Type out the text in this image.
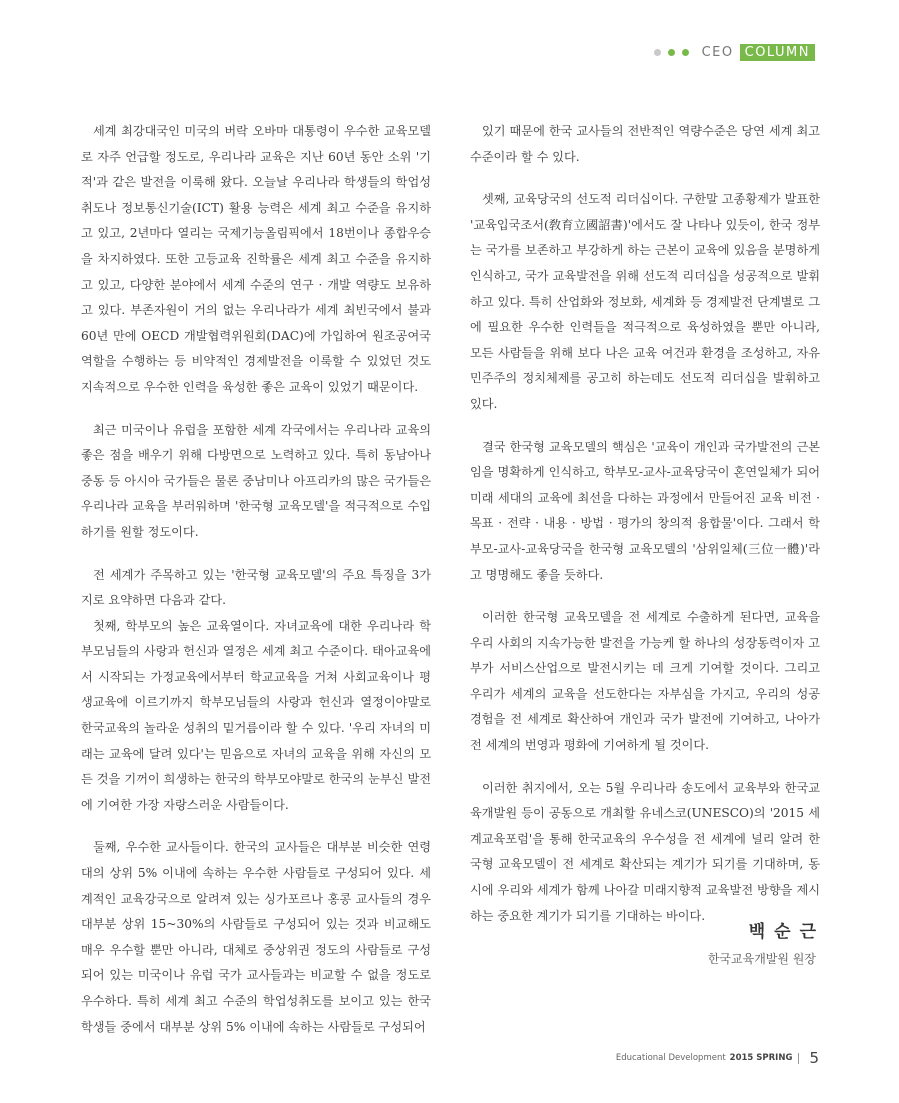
CEO COLUMN

세계 최강대국인 미국의 버락 오바마 대통령이 우수한 교육모델로 자주 언급할 정도로, 우리나라 교육은 지난 60년 동안 소위 '기적'과 같은 발전을 이룩해 왔다. 오늘날 우리나라 학생들의 학업성취도나 정보통신기술(ICT) 활용 능력은 세계 최고 수준을 유지하고 있고, 2년마다 열리는 국제기능올림픽에서 18번이나 종합우승을 차지하였다. 또한 고등교육 진학률은 세계 최고 수준을 유지하고 있고, 다양한 분야에서 세계 수준의 연구 · 개발 역량도 보유하고 있다. 부존자원이 거의 없는 우리나라가 세계 최빈국에서 불과 60년 만에 OECD 개발협력위원회(DAC)에 가입하여 원조공여국 역할을 수행하는 등 비약적인 경제발전을 이룩할 수 있었던 것도 지속적으로 우수한 인력을 육성한 좋은 교육이 있었기 때문이다.

최근 미국이나 유럽을 포함한 세계 각국에서는 우리나라 교육의 좋은 점을 배우기 위해 다방면으로 노력하고 있다. 특히 동남아나 중동 등 아시아 국가들은 물론 중남미나 아프리카의 많은 국가들은 우리나라 교육을 부러워하며 '한국형 교육모델'을 적극적으로 수입하기를 원할 정도이다.

전 세계가 주목하고 있는 '한국형 교육모델'의 주요 특징을 3가지로 요약하면 다음과 같다.

첫째, 학부모의 높은 교육열이다. 자녀교육에 대한 우리나라 학부모님들의 사랑과 헌신과 열정은 세계 최고 수준이다. 태아교육에서 시작되는 가정교육에서부터 학교교육을 거쳐 사회교육이나 평생교육에 이르기까지 학부모님들의 사랑과 헌신과 열정이야말로 한국교육의 놀라운 성취의 밑거름이라 할 수 있다. '우리 자녀의 미래는 교육에 달려 있다'는 믿음으로 자녀의 교육을 위해 자신의 모든 것을 기꺼이 희생하는 한국의 학부모야말로 한국의 눈부신 발전에 기여한 가장 자랑스러운 사람들이다.

둘째, 우수한 교사들이다. 한국의 교사들은 대부분 비슷한 연령대의 상위 5% 이내에 속하는 우수한 사람들로 구성되어 있다. 세계적인 교육강국으로 알려져 있는 싱가포르나 홍콩 교사들의 경우 대부분 상위 15~30%의 사람들로 구성되어 있는 것과 비교해도 매우 우수할 뿐만 아니라, 대체로 중상위권 정도의 사람들로 구성되어 있는 미국이나 유럽 국가 교사들과는 비교할 수 없을 정도로 우수하다. 특히 세계 최고 수준의 학업성취도를 보이고 있는 한국 학생들 중에서 대부분 상위 5% 이내에 속하는 사람들로 구성되어

있기 때문에 한국 교사들의 전반적인 역량수준은 당연 세계 최고 수준이라 할 수 있다.

셋째, 교육당국의 선도적 리더십이다. 구한말 고종황제가 발표한 '교육입국조서(敎育立國詔書)'에서도 잘 나타나 있듯이, 한국 정부는 국가를 보존하고 부강하게 하는 근본이 교육에 있음을 분명하게 인식하고, 국가 교육발전을 위해 선도적 리더십을 성공적으로 발휘하고 있다. 특히 산업화와 정보화, 세계화 등 경제발전 단계별로 그에 필요한 우수한 인력들을 적극적으로 육성하였을 뿐만 아니라, 모든 사람들을 위해 보다 나은 교육 여건과 환경을 조성하고, 자유민주주의 정치체제를 공고히 하는데도 선도적 리더십을 발휘하고 있다.

결국 한국형 교육모델의 핵심은 '교육이 개인과 국가발전의 근본임을 명확하게 인식하고, 학부모-교사-교육당국이 혼연일체가 되어 미래 세대의 교육에 최선을 다하는 과정에서 만들어진 교육 비전 · 목표 · 전략 · 내용 · 방법 · 평가의 창의적 융합물'이다. 그래서 학부모-교사-교육당국을 한국형 교육모델의 '삼위일체(三位一體)'라고 명명해도 좋을 듯하다.

이러한 한국형 교육모델을 전 세계로 수출하게 된다면, 교육을 우리 사회의 지속가능한 발전을 가능케 할 하나의 성장동력이자 고부가 서비스산업으로 발전시키는 데 크게 기여할 것이다. 그리고 우리가 세계의 교육을 선도한다는 자부심을 가지고, 우리의 성공 경험을 전 세계로 확산하여 개인과 국가 발전에 기여하고, 나아가 전 세계의 번영과 평화에 기여하게 될 것이다.

이러한 취지에서, 오는 5월 우리나라 송도에서 교육부와 한국교육개발원 등이 공동으로 개최할 유네스코(UNESCO)의 '2015 세계교육포럼'을 통해 한국교육의 우수성을 전 세계에 널리 알려 한국형 교육모델이 전 세계로 확산되는 계기가 되기를 기대하며, 동시에 우리와 세계가 함께 나아갈 미래지향적 교육발전 방향을 제시하는 중요한 계기가 되기를 기대하는 바이다.

백순근
한국교육개발원 원장
Educational Development 2015 SPRING 5
